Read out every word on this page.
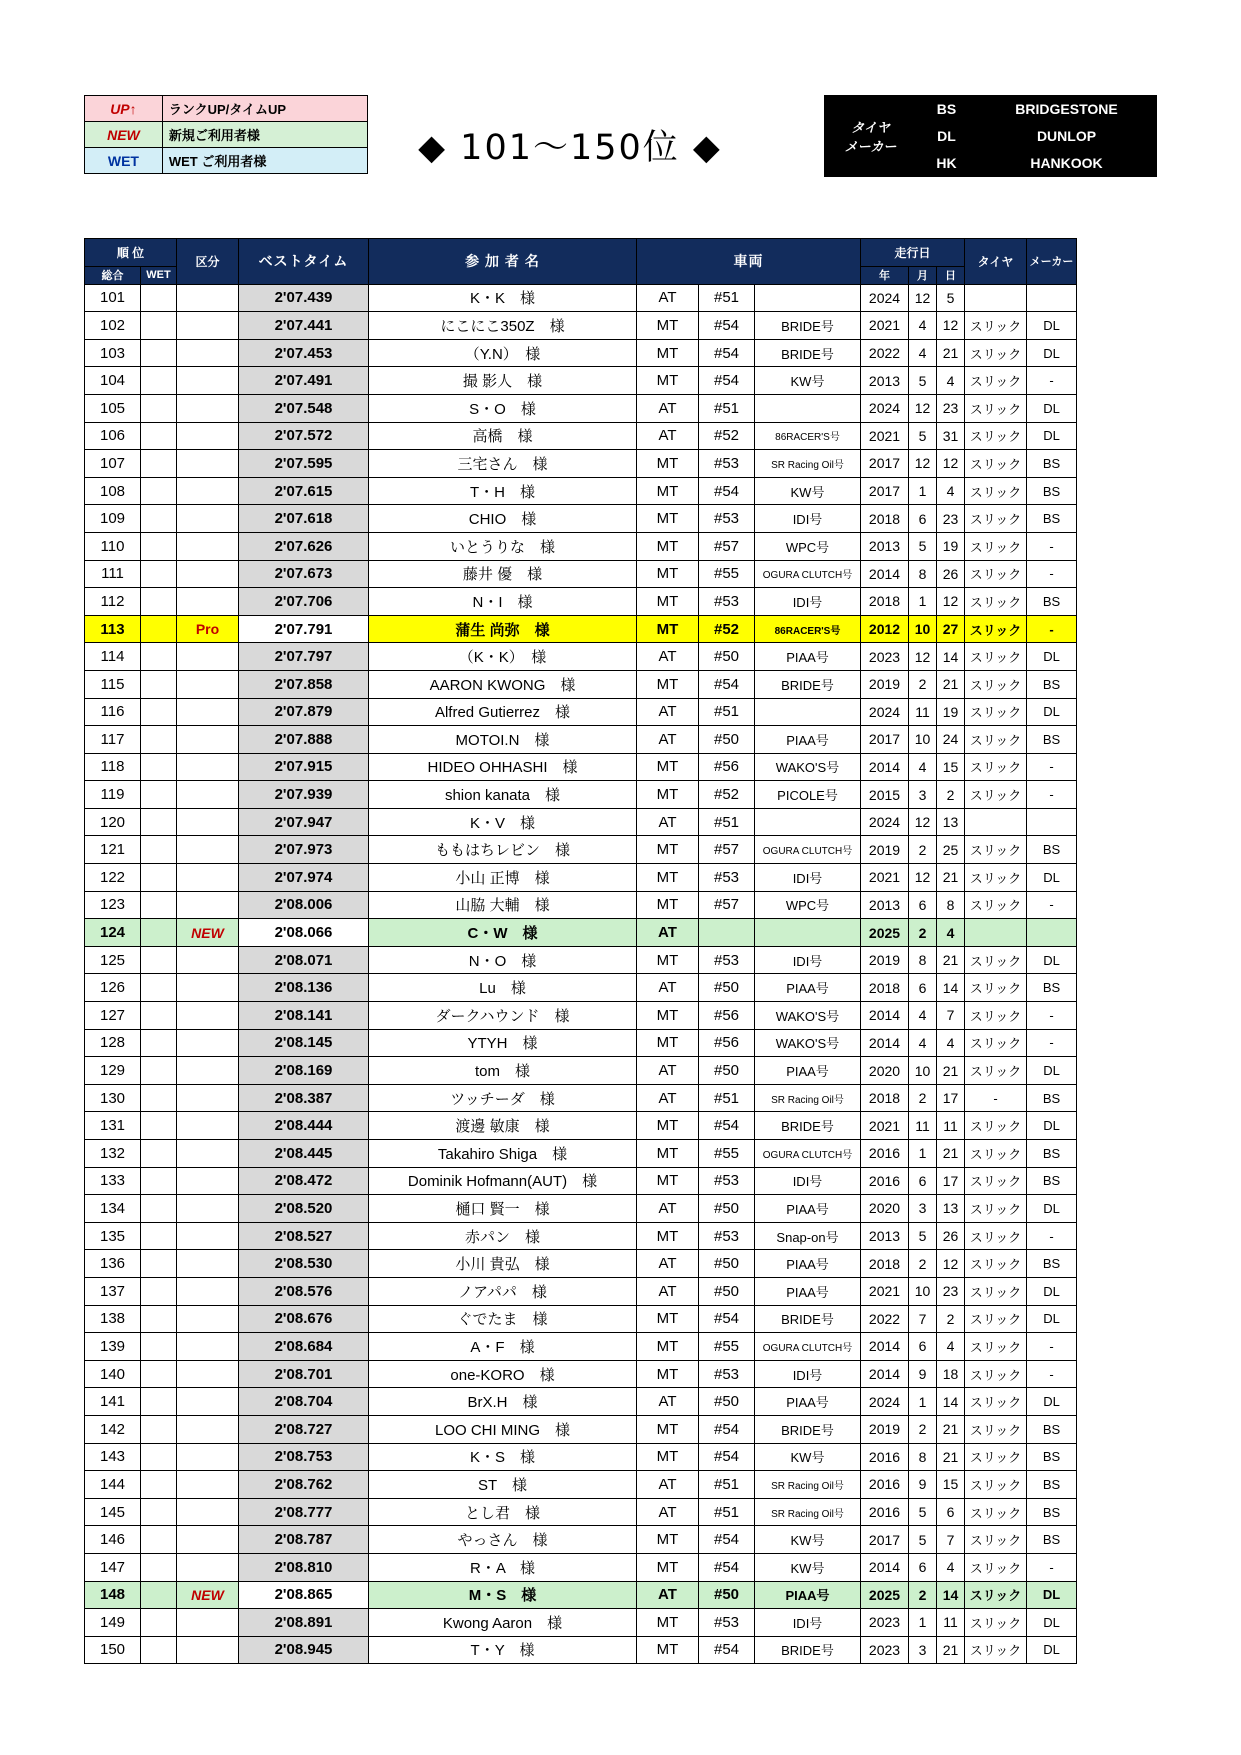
UP↑	ランクUP/タイムUP
NEW	新規ご利用者様
WET	WET ご利用者様	◆ 101～150位 ◆
タイヤ
メーカー	BS	BRIDGESTONE
	DL	DUNLOP
	HK	HANKOOK
順 位		区分	ベストタイム	参 加 者 名	車両			走行日			タイヤ	メーカー
総合	WET							年	月	日		
101			2'07.439	K・K　様	AT	#51		2024	12	5		
102			2'07.441	にこにこ350Z　様	MT	#54	BRIDE号	2021	4	12	スリック	DL
103			2'07.453	（Y.N）　様	MT	#54	BRIDE号	2022	4	21	スリック	DL
104			2'07.491	撮 影人　様	MT	#54	KW号	2013	5	4	スリック	-
105			2'07.548	S・O　様	AT	#51		2024	12	23	スリック	DL
106			2'07.572	高橋　様	AT	#52	86RACER'S号	2021	5	31	スリック	DL
107			2'07.595	三宅さん　様	MT	#53	SR Racing Oil号	2017	12	12	スリック	BS
108			2'07.615	T・H　様	MT	#54	KW号	2017	1	4	スリック	BS
109			2'07.618	CHIO　様	MT	#53	IDI号	2018	6	23	スリック	BS
110			2'07.626	いとうりな　様	MT	#57	WPC号	2013	5	19	スリック	-
111			2'07.673	藤井 優　様	MT	#55	OGURA CLUTCH号	2014	8	26	スリック	-
112			2'07.706	N・I　様	MT	#53	IDI号	2018	1	12	スリック	BS
113		Pro	2'07.791	蒲生 尚弥　様	MT	#52	86RACER'S号	2012	10	27	スリック	-
114			2'07.797	（K・K）　様	AT	#50	PIAA号	2023	12	14	スリック	DL
115			2'07.858	AARON KWONG　様	MT	#54	BRIDE号	2019	2	21	スリック	BS
116			2'07.879	Alfred Gutierrez　様	AT	#51		2024	11	19	スリック	DL
117			2'07.888	MOTOI.N　様	AT	#50	PIAA号	2017	10	24	スリック	BS
118			2'07.915	HIDEO OHHASHI　様	MT	#56	WAKO'S号	2014	4	15	スリック	-
119			2'07.939	shion kanata　様	MT	#52	PICOLE号	2015	3	2	スリック	-
120			2'07.947	K・V　様	AT	#51		2024	12	13		
121			2'07.973	ももはちレビン　様	MT	#57	OGURA CLUTCH号	2019	2	25	スリック	BS
122			2'07.974	小山 正博　様	MT	#53	IDI号	2021	12	21	スリック	DL
123			2'08.006	山脇 大輔　様	MT	#57	WPC号	2013	6	8	スリック	-
124		NEW	2'08.066	C・W　様	AT			2025	2	4		
125			2'08.071	N・O　様	MT	#53	IDI号	2019	8	21	スリック	DL
126			2'08.136	Lu　様	AT	#50	PIAA号	2018	6	14	スリック	BS
127			2'08.141	ダークハウンド　様	MT	#56	WAKO'S号	2014	4	7	スリック	-
128			2'08.145	YTYH　様	MT	#56	WAKO'S号	2014	4	4	スリック	-
129			2'08.169	tom　様	AT	#50	PIAA号	2020	10	21	スリック	DL
130			2'08.387	ツッチーダ　様	AT	#51	SR Racing Oil号	2018	2	17	-	BS
131			2'08.444	渡邊 敏康　様	MT	#54	BRIDE号	2021	11	11	スリック	DL
132			2'08.445	Takahiro Shiga　様	MT	#55	OGURA CLUTCH号	2016	1	21	スリック	BS
133			2'08.472	Dominik Hofmann(AUT)　様	MT	#53	IDI号	2016	6	17	スリック	BS
134			2'08.520	樋口 賢一　様	AT	#50	PIAA号	2020	3	13	スリック	DL
135			2'08.527	赤パン　様	MT	#53	Snap-on号	2013	5	26	スリック	-
136			2'08.530	小川 貴弘　様	AT	#50	PIAA号	2018	2	12	スリック	BS
137			2'08.576	ノアパパ　様	AT	#50	PIAA号	2021	10	23	スリック	DL
138			2'08.676	ぐでたま　様	MT	#54	BRIDE号	2022	7	2	スリック	DL
139			2'08.684	A・F　様	MT	#55	OGURA CLUTCH号	2014	6	4	スリック	-
140			2'08.701	one-KORO　様	MT	#53	IDI号	2014	9	18	スリック	-
141			2'08.704	BrX.H　様	AT	#50	PIAA号	2024	1	14	スリック	DL
142			2'08.727	LOO CHI MING　様	MT	#54	BRIDE号	2019	2	21	スリック	BS
143			2'08.753	K・S　様	MT	#54	KW号	2016	8	21	スリック	BS
144			2'08.762	ST　様	AT	#51	SR Racing Oil号	2016	9	15	スリック	BS
145			2'08.777	とし君　様	AT	#51	SR Racing Oil号	2016	5	6	スリック	BS
146			2'08.787	やっさん　様	MT	#54	KW号	2017	5	7	スリック	BS
147			2'08.810	R・A　様	MT	#54	KW号	2014	6	4	スリック	-
148		NEW	2'08.865	M・S　様	AT	#50	PIAA号	2025	2	14	スリック	DL
149			2'08.891	Kwong Aaron　様	MT	#53	IDI号	2023	1	11	スリック	DL
150			2'08.945	T・Y　様	MT	#54	BRIDE号	2023	3	21	スリック	DL
